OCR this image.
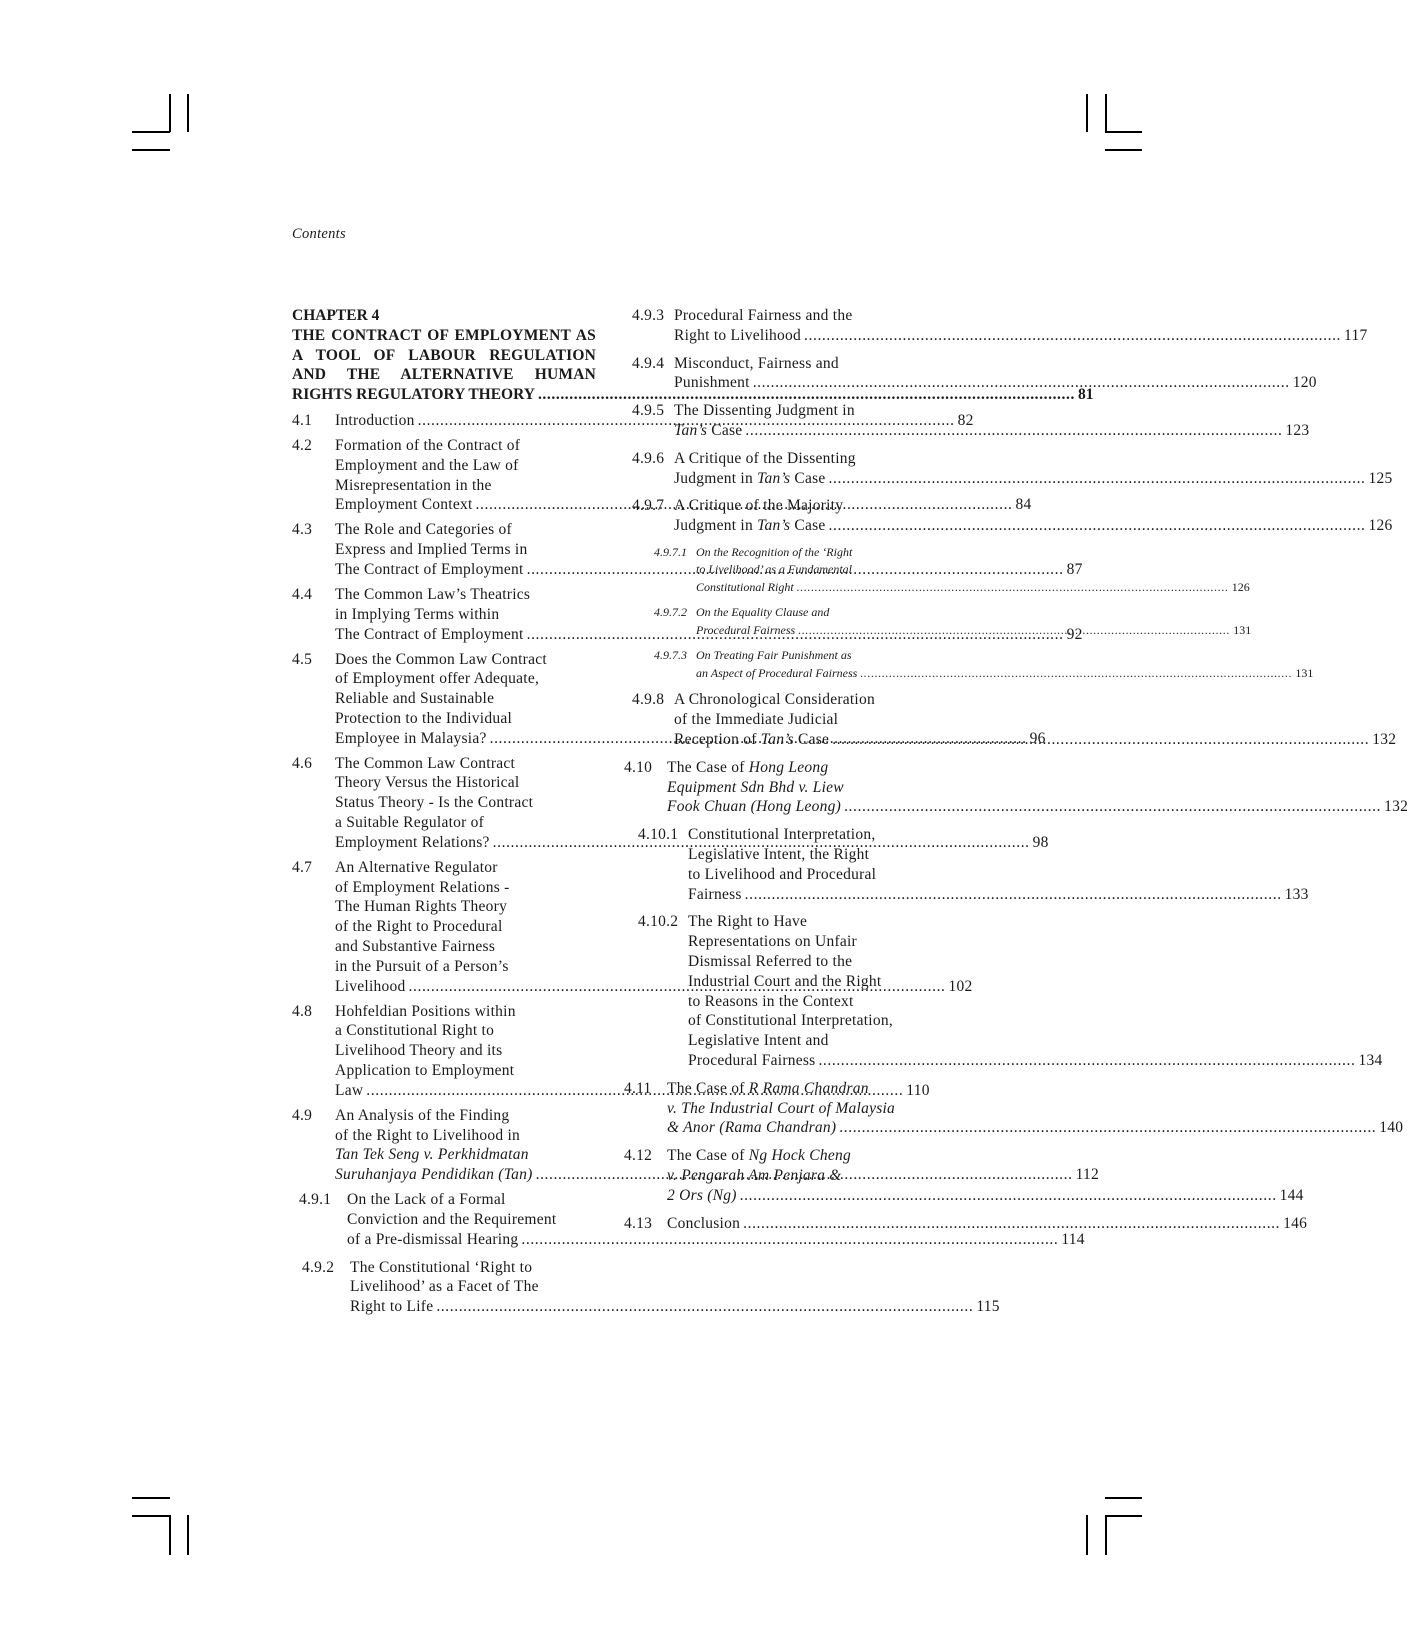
Contents
CHAPTER 4
THE CONTRACT OF EMPLOYMENT AS
A TOOL OF LABOUR REGULATION
AND THE ALTERNATIVE HUMAN
RIGHTS REGULATORY THEORY .....	81
4.1	Introduction .....	82
4.2	Formation of the Contract of
Employment and the Law of
Misrepresentation in the
Employment Context .....	84
4.3	The Role and Categories of
Express and Implied Terms in
The Contract of Employment .....	87
4.4	The Common Law’s Theatrics
in Implying Terms within
The Contract of Employment .....	92
4.5	Does the Common Law Contract
of Employment offer Adequate,
Reliable and Sustainable
Protection to the Individual
Employee in Malaysia? .....	96
4.6	The Common Law Contract
Theory Versus the Historical
Status Theory - Is the Contract
a Suitable Regulator of
Employment Relations? .....	98
4.7	An Alternative Regulator
of Employment Relations -
The Human Rights Theory
of the Right to Procedural
and Substantive Fairness
in the Pursuit of a Person’s
Livelihood .....	102
4.8	Hohfeldian Positions within
a Constitutional Right to
Livelihood Theory and its
Application to Employment
Law .....	110
4.9	An Analysis of the Finding
of the Right to Livelihood in
Tan Tek Seng v. Perkhidmatan
Suruhanjaya Pendidikan (Tan) .....	112
4.9.1	On the Lack of a Formal
Conviction and the Requirement
of a Pre-dismissal Hearing .....	114
4.9.2	The Constitutional ‘Right to
Livelihood’ as a Facet of The
Right to Life .....	115
4.9.3 Procedural Fairness and the
Right to Livelihood .....	117
4.9.4 Misconduct, Fairness and
Punishment .....	120
4.9.5 The Dissenting Judgment in
Tan’s Case .....	123
4.9.6 A Critique of the Dissenting
Judgment in Tan’s Case .....	125
4.9.7 A Critique of the Majority
Judgment in Tan’s Case .....	126
4.9.7.1 On the Recognition of the ‘Right
to Livelihood’ as a Fundamental
Constitutional Right .....	126
4.9.7.2 On the Equality Clause and
Procedural Fairness .....	131
4.9.7.3 On Treating Fair Punishment as
an Aspect of Procedural Fairness .....	131
4.9.8 A Chronological Consideration
of the Immediate Judicial
Reception of Tan’s Case .....	132
4.10 The Case of Hong Leong
Equipment Sdn Bhd v. Liew
Fook Chuan (Hong Leong) .....	132
4.10.1 Constitutional Interpretation,
Legislative Intent, the Right
to Livelihood and Procedural
Fairness .....	133
4.10.2 The Right to Have
Representations on Unfair
Dismissal Referred to the
Industrial Court and the Right
to Reasons in the Context
of Constitutional Interpretation,
Legislative Intent and
Procedural Fairness .....	134
4.11 The Case of R Rama Chandran
v. The Industrial Court of Malaysia
& Anor (Rama Chandran) .....	140
4.12 The Case of Ng Hock Cheng
v. Pengarah Am Penjara &
2 Ors (Ng) .....	144
4.13 Conclusion .....	146
